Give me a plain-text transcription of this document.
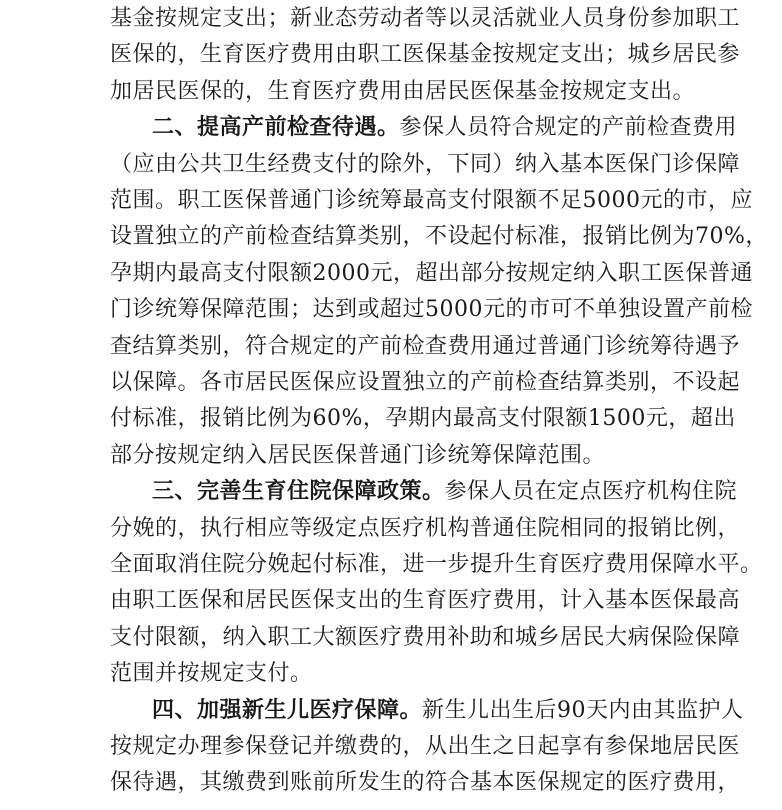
基金按规定支出；新业态劳动者等以灵活就业人员身份参加职工
医保的，生育医疗费用由职工医保基金按规定支出；城乡居民参
加居民医保的，生育医疗费用由居民医保基金按规定支出。
二、提高产前检查待遇。参保人员符合规定的产前检查费用
（应由公共卫生经费支付的除外，下同）纳入基本医保门诊保障
范围。职工医保普通门诊统筹最高支付限额不足5000元的市，应
设置独立的产前检查结算类别，不设起付标准，报销比例为70%，
孕期内最高支付限额2000元，超出部分按规定纳入职工医保普通
门诊统筹保障范围；达到或超过5000元的市可不单独设置产前检
查结算类别，符合规定的产前检查费用通过普通门诊统筹待遇予
以保障。各市居民医保应设置独立的产前检查结算类别，不设起
付标准，报销比例为60%，孕期内最高支付限额1500元，超出
部分按规定纳入居民医保普通门诊统筹保障范围。
三、完善生育住院保障政策。参保人员在定点医疗机构住院
分娩的，执行相应等级定点医疗机构普通住院相同的报销比例，
全面取消住院分娩起付标准，进一步提升生育医疗费用保障水平。
由职工医保和居民医保支出的生育医疗费用，计入基本医保最高
支付限额，纳入职工大额医疗费用补助和城乡居民大病保险保障
范围并按规定支付。
四、加强新生儿医疗保障。新生儿出生后90天内由其监护人
按规定办理参保登记并缴费的，从出生之日起享有参保地居民医
保待遇，其缴费到账前所发生的符合基本医保规定的医疗费用，
